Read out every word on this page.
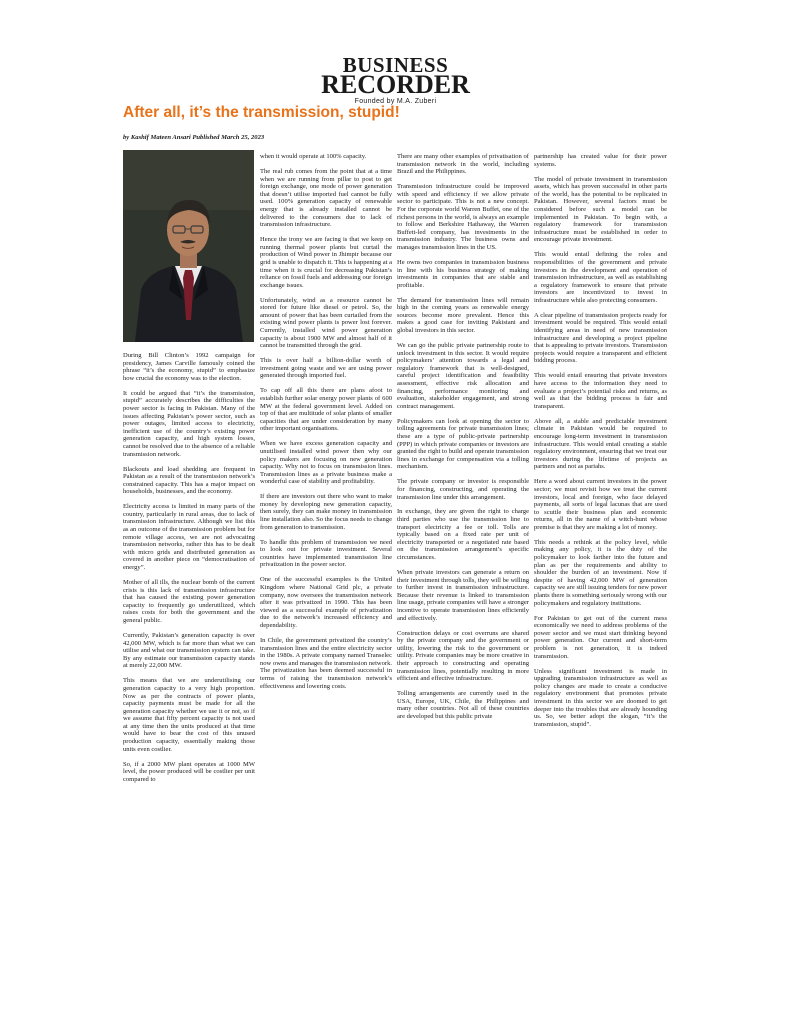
BUSINESS
RECORDER
Founded by M.A. Zuberi
After all, it’s the transmission, stupid!
by Kashif Mateen Ansari Published March 25, 2023

During Bill Clinton’s 1992 campaign for presidency, James Carville famously coined the phrase “it’s the economy, stupid” to emphasize how crucial the economy was to the election.

It could be argued that “it’s the transmission, stupid” accurately describes the difficulties the power sector is facing in Pakistan. Many of the issues affecting Pakistan’s power sector, such as power outages, limited access to electricity, inefficient use of the country’s existing power generation capacity, and high system losses, cannot be resolved due to the absence of a reliable transmission network.

Blackouts and load shedding are frequent in Pakistan as a result of the transmission network’s constrained capacity. This has a major impact on households, businesses, and the economy.

Electricity access is limited in many parts of the country, particularly in rural areas, due to lack of transmission infrastructure. Although we list this as an outcome of the transmission problem but for remote village access, we are not advocating transmission networks, rather this has to be dealt with micro grids and distributed generation as covered in another piece on “democratisation of energy”.

Mother of all ills, the nuclear bomb of the current crisis is this lack of transmission infrastructure that has caused the existing power generation capacity to frequently go underutilized, which raises costs for both the government and the general public.

Currently, Pakistan’s generation capacity is over 42,000 MW, which is far more than what we can utilise and what our transmission system can take. By any estimate our transmission capacity stands at merely 22,000 MW.

This means that we are underutilising our generation capacity to a very high proportion. Now as per the contracts of power plants, capacity payments must be made for all the generation capacity whether we use it or not, so if we assume that fifty percent capacity is not used at any time then the units produced at that time would have to bear the cost of this unused production capacity, essentially making those units even costlier.

So, if a 2000 MW plant operates at 1000 MW level, the power produced will be costlier per unit compared to

when it would operate at 100% capacity.

The real rub comes from the point that at a time when we are running from pillar to post to get foreign exchange, one mode of power generation that doesn’t utilise imported fuel cannot be fully used. 100% generation capacity of renewable energy that is already installed cannot be delivered to the consumers due to lack of transmission infrastructure.

Hence the irony we are facing is that we keep on running thermal power plants but curtail the production of Wind power in Jhimpir because our grid is unable to dispatch it. This is happening at a time when it is crucial for decreasing Pakistan’s reliance on fossil fuels and addressing our foreign exchange issues.

Unfortunately, wind as a resource cannot be stored for future like diesel or petrol. So, the amount of power that has been curtailed from the existing wind power plants is power lost forever. Currently, installed wind power generation capacity is about 1900 MW and almost half of it cannot be transmitted through the grid.

This is over half a billion-dollar worth of investment going waste and we are using power generated through imported fuel.

To cap off all this there are plans afoot to establish further solar energy power plants of 600 MW at the federal government level. Added on top of that are multitude of solar plants of smaller capacities that are under consideration by many other important organisations.

When we have excess generation capacity and unutilised installed wind power then why our policy makers are focusing on new generation capacity. Why not to focus on transmission lines. Transmission lines as a private business make a wonderful case of stability and profitability.

If there are investors out there who want to make money by developing new generation capacity, then surely, they can make money in transmission line installation also. So the focus needs to change from generation to transmission.

To handle this problem of transmission we need to look out for private investment. Several countries have implemented transmission line privatization in the power sector.

One of the successful examples is the United Kingdom where National Grid plc, a private company, now oversees the transmission network after it was privatized in 1990. This has been viewed as a successful example of privatization due to the network’s increased efficiency and dependability.

In Chile, the government privatized the country’s transmission lines and the entire electricity sector in the 1980s. A private company named Transelec now owns and manages the transmission network. The privatization has been deemed successful in terms of raising the transmission network’s effectiveness and lowering costs.

There are many other examples of privatisation of transmission network in the world, including Brazil and the Philippines.

Transmission infrastructure could be improved with speed and efficiency if we allow private sector to participate. This is not a new concept. For the corporate world Warren Buffet, one of the richest persons in the world, is always an example to follow and Berkshire Hathaway, the Warren Buffett-led company, has investments in the transmission industry. The business owns and manages transmission lines in the US.

He owns two companies in transmission business in line with his business strategy of making investments in companies that are stable and profitable.

The demand for transmission lines will remain high in the coming years as renewable energy sources become more prevalent. Hence this makes a good case for inviting Pakistani and global investors in this sector.

We can go the public private partnership route to unlock investment in this sector. It would require policymakers’ attention towards a legal and regulatory framework that is well-designed, careful project identification and feasibility assessment, effective risk allocation and financing, performance monitoring and evaluation, stakeholder engagement, and strong contract management.

Policymakers can look at opening the sector to tolling agreements for private transmission lines; these are a type of public-private partnership (PPP) in which private companies or investors are granted the right to build and operate transmission lines in exchange for compensation via a tolling mechanism.

The private company or investor is responsible for financing, constructing, and operating the transmission line under this arrangement.

In exchange, they are given the right to charge third parties who use the transmission line to transport electricity a fee or toll. Tolls are typically based on a fixed rate per unit of electricity transported or a negotiated rate based on the transmission arrangement’s specific circumstances.

When private investors can generate a return on their investment through tolls, they will be willing to further invest in transmission infrastructure. Because their revenue is linked to transmission line usage, private companies will have a stronger incentive to operate transmission lines efficiently and effectively.

Construction delays or cost overruns are shared by the private company and the government or utility, lowering the risk to the government or utility. Private companies may be more creative in their approach to constructing and operating transmission lines, potentially resulting in more efficient and effective infrastructure.

Tolling arrangements are currently used in the USA, Europe, UK, Chile, the Philippines and many other countries. Not all of these countries are developed but this public private

partnership has created value for their power systems.

The model of private investment in transmission assets, which has proven successful in other parts of the world, has the potential to be replicated in Pakistan. However, several factors must be considered before such a model can be implemented in Pakistan. To begin with, a regulatory framework for transmission infrastructure must be established in order to encourage private investment.

This would entail defining the roles and responsibilities of the government and private investors in the development and operation of transmission infrastructure, as well as establishing a regulatory framework to ensure that private investors are incentivized to invest in infrastructure while also protecting consumers.

A clear pipeline of transmission projects ready for investment would be required. This would entail identifying areas in need of new transmission infrastructure and developing a project pipeline that is appealing to private investors. Transmission projects would require a transparent and efficient bidding process.

This would entail ensuring that private investors have access to the information they need to evaluate a project’s potential risks and returns, as well as that the bidding process is fair and transparent.

Above all, a stable and predictable investment climate in Pakistan would be required to encourage long-term investment in transmission infrastructure. This would entail creating a stable regulatory environment, ensuring that we treat our investors during the lifetime of projects as partners and not as pariahs.

Here a word about current investors in the power sector; we must revisit how we treat the current investors, local and foreign, who face delayed payments, all sorts of legal lacunas that are used to scuttle their business plan and economic returns, all in the name of a witch-hunt whose premise is that they are making a lot of money.

This needs a rethink at the policy level, while making any policy, it is the duty of the policymaker to look farther into the future and plan as per the requirements and ability to shoulder the burden of an investment. Now if despite of having 42,000 MW of generation capacity we are still issuing tenders for new power plants there is something seriously wrong with our policymakers and regulatory institutions.

For Pakistan to get out of the current mess economically we need to address problems of the power sector and we must start thinking beyond power generation. Our current and short-term problem is not generation, it is indeed transmission.

Unless significant investment is made in upgrading transmission infrastructure as well as policy changes are made to create a conducive regulatory environment that promotes private investment in this sector we are doomed to get deeper into the troubles that are already hounding us. So, we better adopt the slogan, “it’s the transmission, stupid”.
